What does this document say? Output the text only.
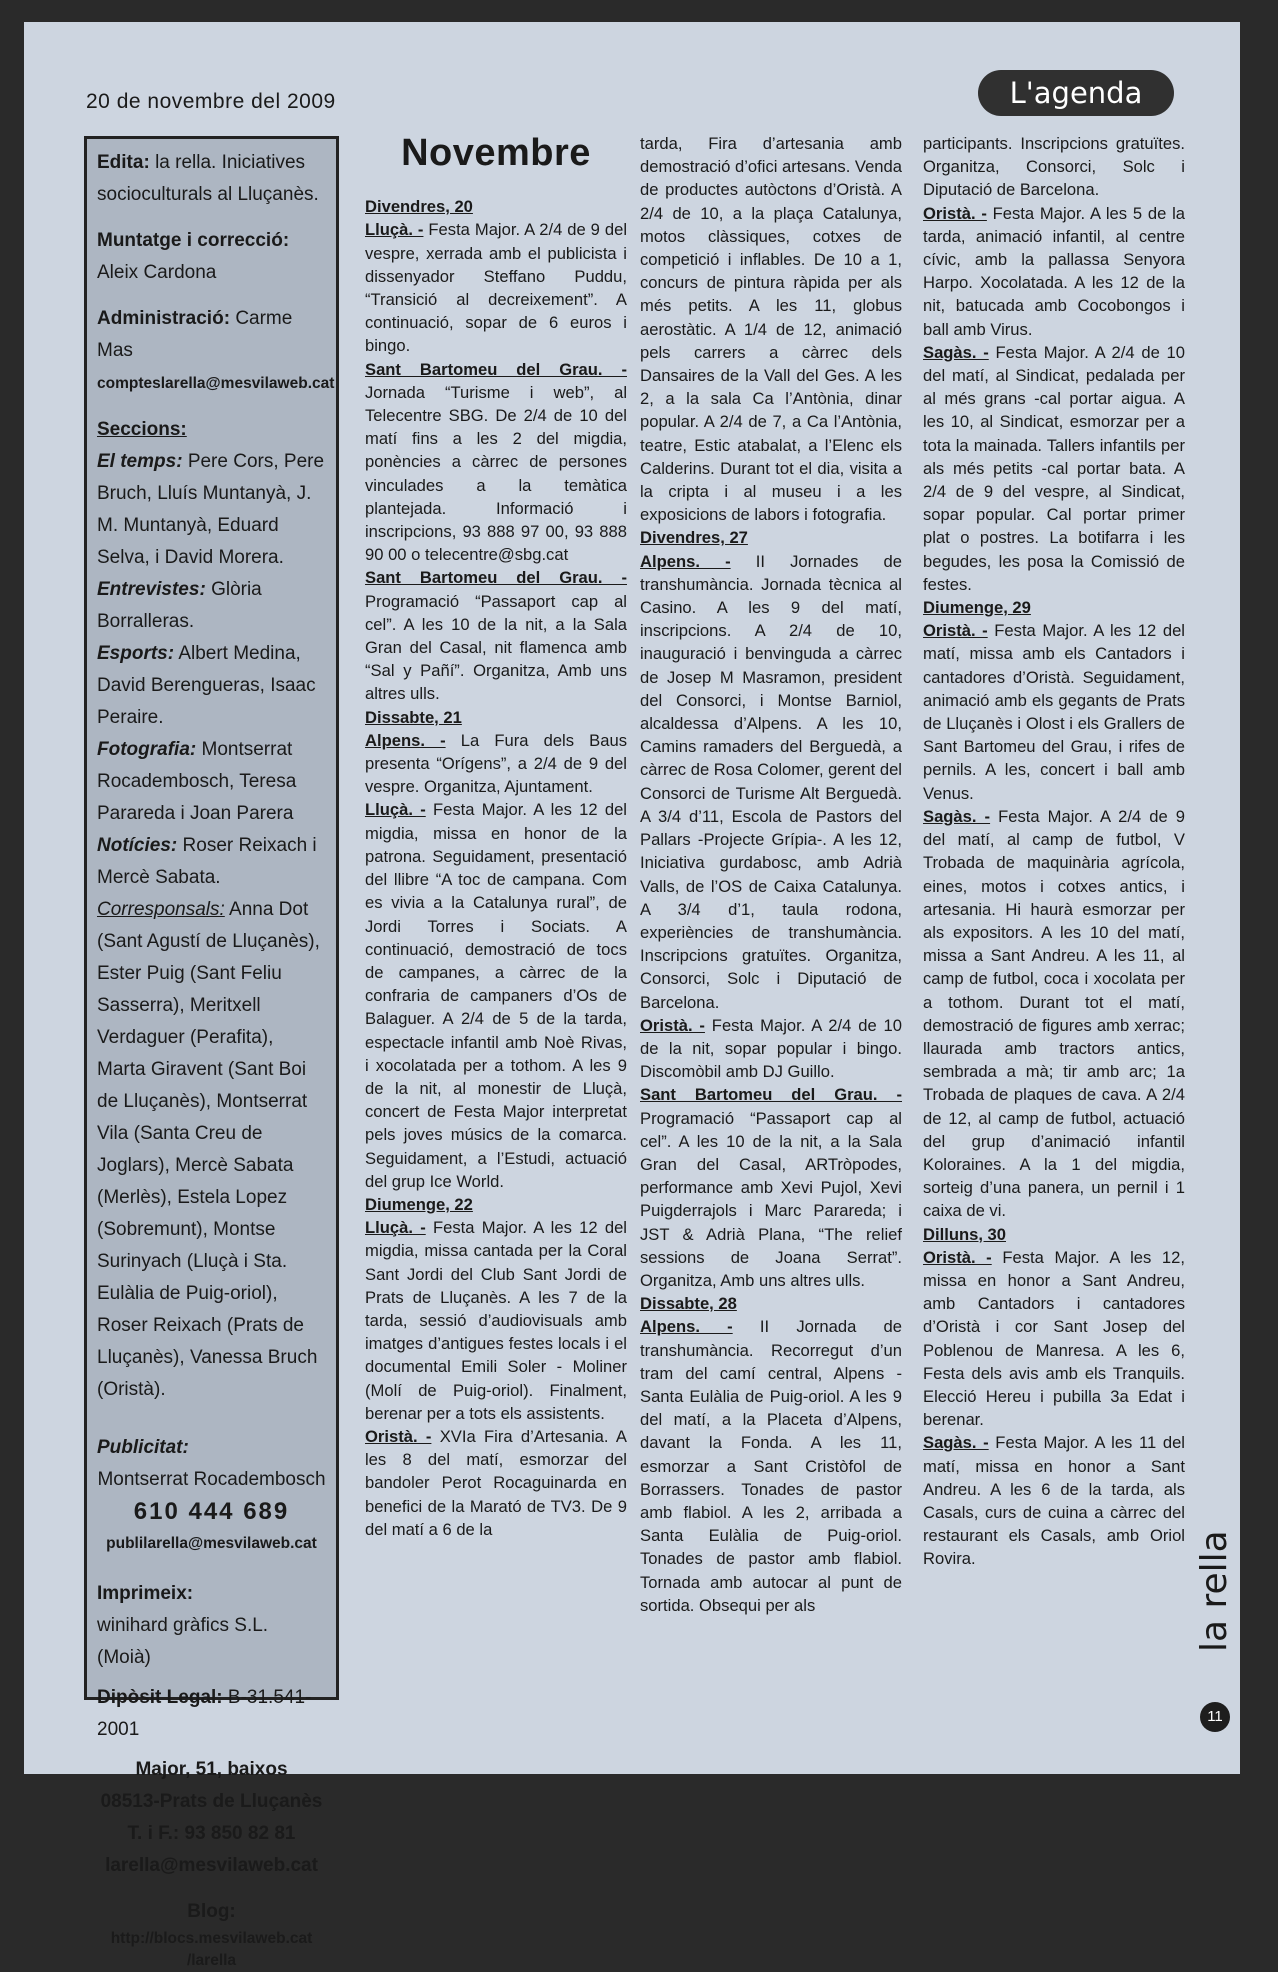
20 de novembre del 2009	L'agenda

Edita: la rella. Iniciatives socioculturals al Lluçanès.

Muntatge i correcció: Aleix Cardona

Administració: Carme Mas

compteslarella@mesvilaweb.cat

Seccions:
El temps: Pere Cors, Pere Bruch, Lluís Muntanyà, J. M. Muntanyà, Eduard Selva, i David Morera.
Entrevistes: Glòria Borralleras.
Esports: Albert Medina, David Berengueras, Isaac Peraire.
Fotografia: Montserrat Rocadembosch, Teresa Parareda i Joan Parera
Notícies: Roser Reixach i Mercè Sabata.
Corresponsals: Anna Dot (Sant Agustí de Lluçanès), Ester Puig (Sant Feliu Sasserra), Meritxell Verdaguer (Perafita), Marta Giravent (Sant Boi de Lluçanès), Montserrat Vila (Santa Creu de Joglars), Mercè Sabata (Merlès), Estela Lopez (Sobremunt), Montse Surinyach (Lluçà i Sta. Eulàlia de Puig-oriol), Roser Reixach (Prats de Lluçanès), Vanessa Bruch (Oristà).
Publicitat:
Montserrat Rocadembosch
610 444 689
publilarella@mesvilaweb.cat
Imprimeix:
winihard gràfics S.L. (Moià)
Dipòsit Legal: B-31.541-2001
Major, 51, baixos
08513-Prats de Lluçanès
T. i F.: 93 850 82 81
larella@mesvilaweb.cat
Blog:
http://blocs.mesvilaweb.cat
/larella
Novembre
Divendres, 20

Lluçà. - Festa Major. A 2/4 de 9 del vespre, xerrada amb el publicista i dissenyador Steffano Puddu, “Transició al decreixement”. A continuació, sopar de 6 euros i bingo.

Sant Bartomeu del Grau. - Jornada “Turisme i web”, al Telecentre SBG. De 2/4 de 10 del matí fins a les 2 del migdia, ponències a càrrec de persones vinculades a la temàtica plantejada. Informació i inscripcions, 93 888 97 00, 93 888 90 00 o telecentre@sbg.cat

Sant Bartomeu del Grau. - Programació “Passaport cap al cel”. A les 10 de la nit, a la Sala Gran del Casal, nit flamenca amb “Sal y Pañí”. Organitza, Amb uns altres ulls.

Dissabte, 21

Alpens. - La Fura dels Baus presenta “Orígens”, a 2/4 de 9 del vespre. Organitza, Ajuntament.

Lluçà. - Festa Major. A les 12 del migdia, missa en honor de la patrona. Seguidament, presentació del llibre “A toc de campana. Com es vivia a la Catalunya rural”, de Jordi Torres i Sociats. A continuació, demostració de tocs de campanes, a càrrec de la confraria de campaners d’Os de Balaguer. A 2/4 de 5 de la tarda, espectacle infantil amb Noè Rivas, i xocolatada per a tothom. A les 9 de la nit, al monestir de Lluçà, concert de Festa Major interpretat pels joves músics de la comarca. Seguidament, a l’Estudi, actuació del grup Ice World.

Diumenge, 22

Lluçà. - Festa Major. A les 12 del migdia, missa cantada per la Coral Sant Jordi del Club Sant Jordi de Prats de Lluçanès. A les 7 de la tarda, sessió d’audiovisuals amb imatges d’antigues festes locals i el documental Emili Soler - Moliner (Molí de Puig-oriol). Finalment, berenar per a tots els assistents.

Oristà. - XVIa Fira d’Artesania. A les 8 del matí, esmorzar del bandoler Perot Rocaguinarda en benefici de la Marató de TV3. De 9 del matí a 6 de la

tarda, Fira d’artesania amb demostració d’ofici artesans. Venda de productes autòctons d’Oristà. A 2/4 de 10, a la plaça Catalunya, motos clàssiques, cotxes de competició i inflables. De 10 a 1, concurs de pintura ràpida per als més petits. A les 11, globus aerostàtic. A 1/4 de 12, animació pels carrers a càrrec dels Dansaires de la Vall del Ges. A les 2, a la sala Ca l’Antònia, dinar popular. A 2/4 de 7, a Ca l’Antònia, teatre, Estic atabalat, a l’Elenc els Calderins. Durant tot el dia, visita a la cripta i al museu i a les exposicions de labors i fotografia.

Divendres, 27

Alpens. - II Jornades de transhumància. Jornada tècnica al Casino. A les 9 del matí, inscripcions. A 2/4 de 10, inauguració i benvinguda a càrrec de Josep M Masramon, president del Consorci, i Montse Barniol, alcaldessa d’Alpens. A les 10, Camins ramaders del Berguedà, a càrrec de Rosa Colomer, gerent del Consorci de Turisme Alt Berguedà. A 3/4 d’11, Escola de Pastors del Pallars -Projecte Grípia-. A les 12, Iniciativa gurdabosc, amb Adrià Valls, de l’OS de Caixa Catalunya. A 3/4 d’1, taula rodona, experiències de transhumància. Inscripcions gratuïtes. Organitza, Consorci, Solc i Diputació de Barcelona.

Oristà. - Festa Major. A 2/4 de 10 de la nit, sopar popular i bingo. Discomòbil amb DJ Guillo.

Sant Bartomeu del Grau. - Programació “Passaport cap al cel”. A les 10 de la nit, a la Sala Gran del Casal, ARTròpodes, performance amb Xevi Pujol, Xevi Puigderrajols i Marc Parareda; i JST & Adrià Plana, “The relief sessions de Joana Serrat”. Organitza, Amb uns altres ulls.

Dissabte, 28

Alpens. - II Jornada de transhumància. Recorregut d’un tram del camí central, Alpens - Santa Eulàlia de Puig-oriol. A les 9 del matí, a la Placeta d’Alpens, davant la Fonda. A les 11, esmorzar a Sant Cristòfol de Borrassers. Tonades de pastor amb flabiol. A les 2, arribada a Santa Eulàlia de Puig-oriol. Tonades de pastor amb flabiol. Tornada amb autocar al punt de sortida. Obsequi per als

participants. Inscripcions gratuïtes. Organitza, Consorci, Solc i Diputació de Barcelona.

Oristà. - Festa Major. A les 5 de la tarda, animació infantil, al centre cívic, amb la pallassa Senyora Harpo. Xocolatada. A les 12 de la nit, batucada amb Cocobongos i ball amb Virus.

Sagàs. - Festa Major. A 2/4 de 10 del matí, al Sindicat, pedalada per al més grans -cal portar aigua. A les 10, al Sindicat, esmorzar per a tota la mainada. Tallers infantils per als més petits -cal portar bata. A 2/4 de 9 del vespre, al Sindicat, sopar popular. Cal portar primer plat o postres. La botifarra i les begudes, les posa la Comissió de festes.

Diumenge, 29

Oristà. - Festa Major. A les 12 del matí, missa amb els Cantadors i cantadores d’Oristà. Seguidament, animació amb els gegants de Prats de Lluçanès i Olost i els Grallers de Sant Bartomeu del Grau, i rifes de pernils. A les, concert i ball amb Venus.

Sagàs. - Festa Major. A 2/4 de 9 del matí, al camp de futbol, V Trobada de maquinària agrícola, eines, motos i cotxes antics, i artesania. Hi haurà esmorzar per als expositors. A les 10 del matí, missa a Sant Andreu. A les 11, al camp de futbol, coca i xocolata per a tothom. Durant tot el matí, demostració de figures amb xerrac; llaurada amb tractors antics, sembrada a mà; tir amb arc; 1a Trobada de plaques de cava. A 2/4 de 12, al camp de futbol, actuació del grup d’animació infantil Koloraines. A la 1 del migdia, sorteig d’una panera, un pernil i 1 caixa de vi.

Dilluns, 30

Oristà. - Festa Major. A les 12, missa en honor a Sant Andreu, amb Cantadors i cantadores d’Oristà i cor Sant Josep del Poblenou de Manresa. A les 6, Festa dels avis amb els Tranquils. Elecció Hereu i pubilla 3a Edat i berenar.

Sagàs. - Festa Major. A les 11 del matí, missa en honor a Sant Andreu. A les 6 de la tarda, als Casals, curs de cuina a càrrec del restaurant els Casals, amb Oriol Rovira.	la rella
11
